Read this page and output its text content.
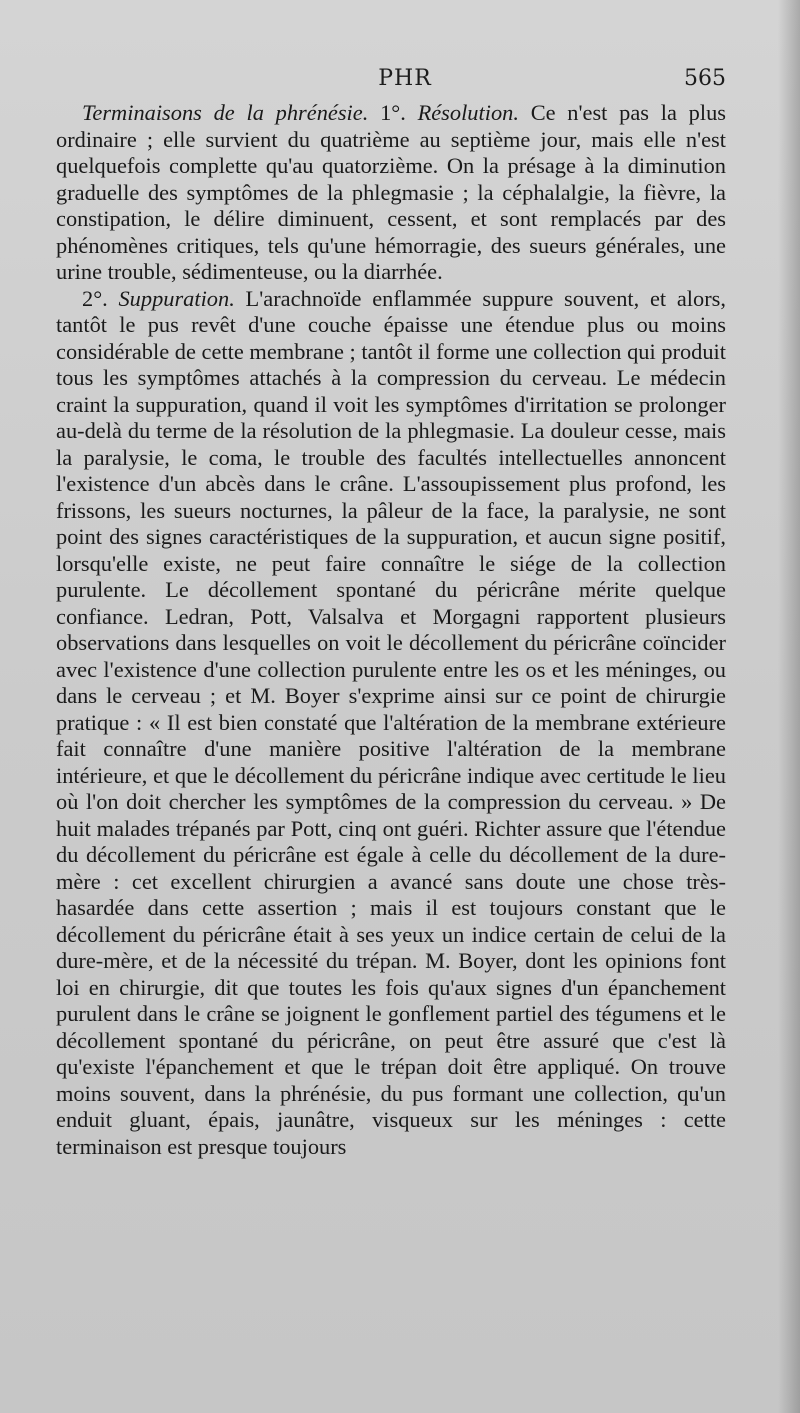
PHR	565

Terminaisons de la phrénésie. 1°. Résolution. Ce n'est pas la plus ordinaire ; elle survient du quatrième au septième jour, mais elle n'est quelquefois complette qu'au quatorzième. On la présage à la diminution graduelle des symptômes de la phlegmasie ; la céphalalgie, la fièvre, la constipation, le délire diminuent, cessent, et sont remplacés par des phénomènes critiques, tels qu'une hémorragie, des sueurs générales, une urine trouble, sédimenteuse, ou la diarrhée.

2°. Suppuration. L'arachnoïde enflammée suppure souvent, et alors, tantôt le pus revêt d'une couche épaisse une étendue plus ou moins considérable de cette membrane ; tantôt il forme une collection qui produit tous les symptômes attachés à la compression du cerveau. Le médecin craint la suppuration, quand il voit les symptômes d'irritation se prolonger au-delà du terme de la résolution de la phlegmasie. La douleur cesse, mais la paralysie, le coma, le trouble des facultés intellectuelles annoncent l'existence d'un abcès dans le crâne. L'assoupissement plus profond, les frissons, les sueurs nocturnes, la pâleur de la face, la paralysie, ne sont point des signes caractéristiques de la suppuration, et aucun signe positif, lorsqu'elle existe, ne peut faire connaître le siége de la collection purulente. Le décollement spontané du péricrâne mérite quelque confiance. Ledran, Pott, Valsalva et Morgagni rapportent plusieurs observations dans lesquelles on voit le décollement du péricrâne coïncider avec l'existence d'une collection purulente entre les os et les méninges, ou dans le cerveau ; et M. Boyer s'exprime ainsi sur ce point de chirurgie pratique : « Il est bien constaté que l'altération de la membrane extérieure fait connaître d'une manière positive l'altération de la membrane intérieure, et que le décollement du péricrâne indique avec certitude le lieu où l'on doit chercher les symptômes de la compression du cerveau. » De huit malades trépanés par Pott, cinq ont guéri. Richter assure que l'étendue du décollement du péricrâne est égale à celle du décollement de la dure-mère : cet excellent chirurgien a avancé sans doute une chose très-hasardée dans cette assertion ; mais il est toujours constant que le décollement du péricrâne était à ses yeux un indice certain de celui de la dure-mère, et de la nécessité du trépan. M. Boyer, dont les opinions font loi en chirurgie, dit que toutes les fois qu'aux signes d'un épanchement purulent dans le crâne se joignent le gonflement partiel des tégumens et le décollement spontané du péricrâne, on peut être assuré que c'est là qu'existe l'épanchement et que le trépan doit être appliqué. On trouve moins souvent, dans la phrénésie, du pus formant une collection, qu'un enduit gluant, épais, jaunâtre, visqueux sur les méninges : cette terminaison est presque toujours
